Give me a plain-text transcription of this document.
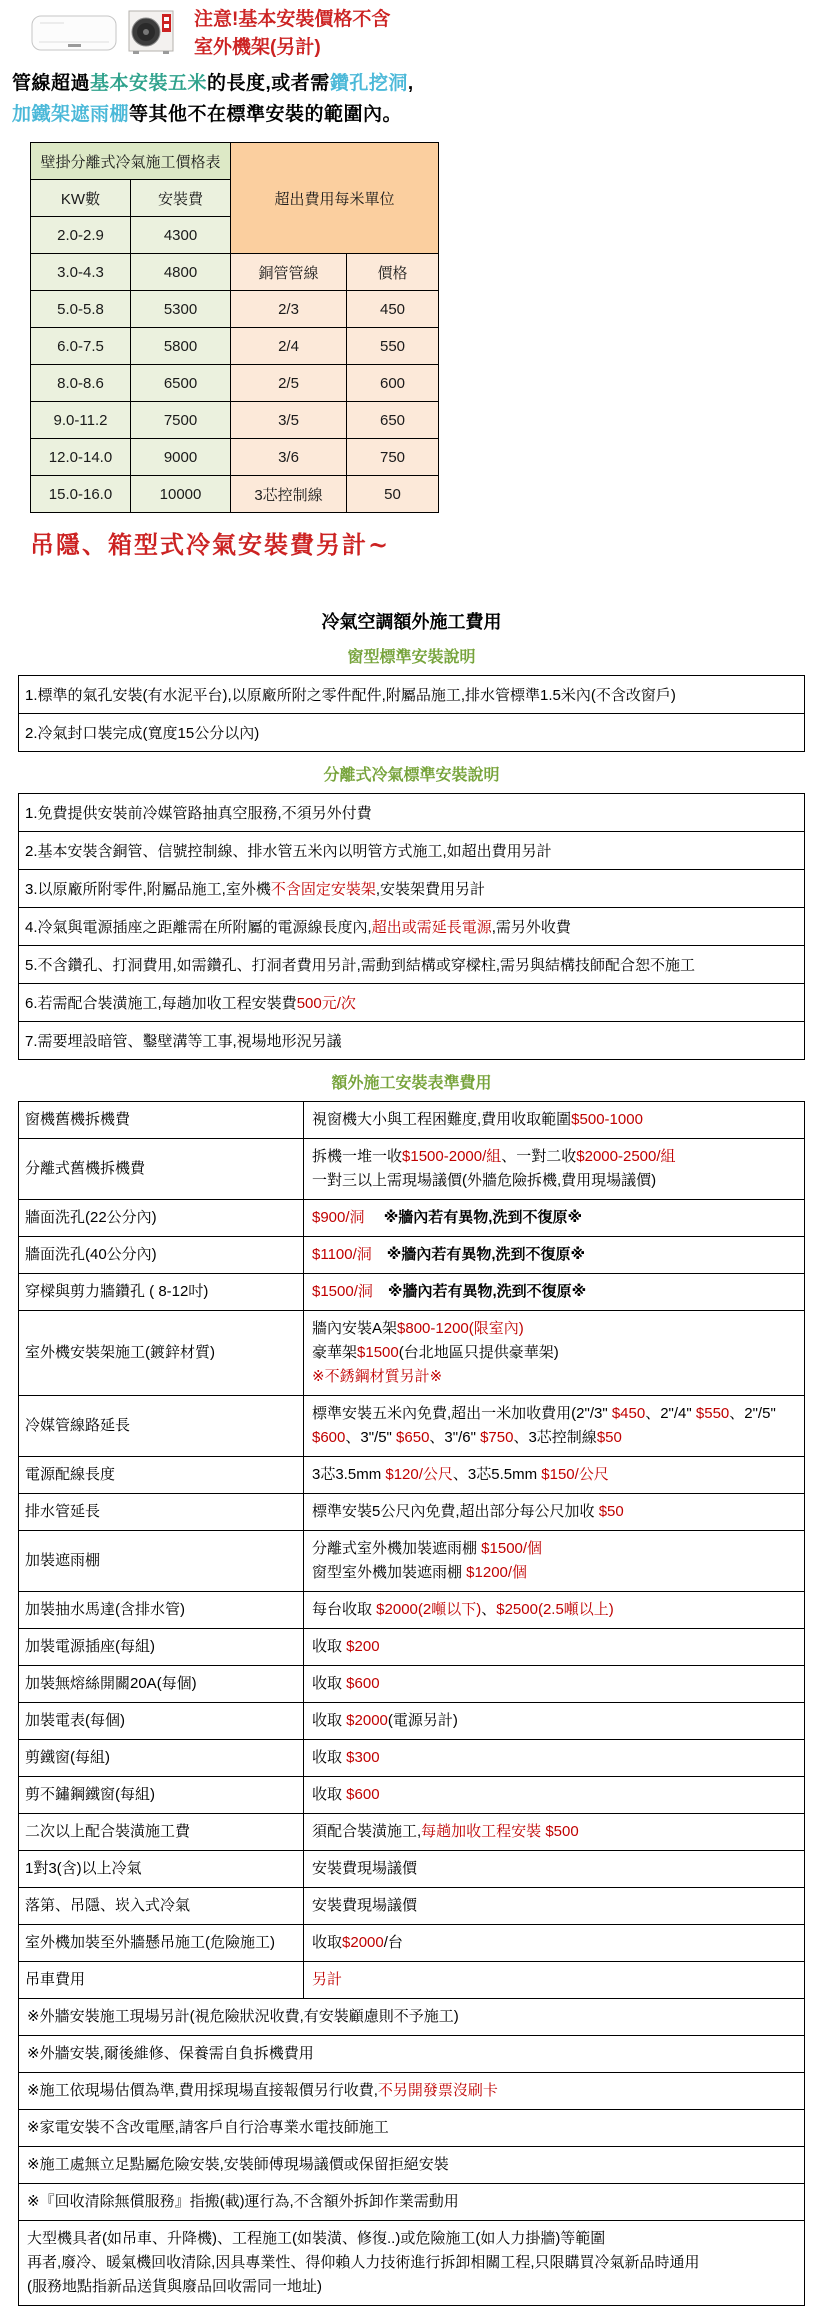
注意!基本安裝價格不含
室外機架(另計)
管線超過基本安裝五米的長度,或者需鑽孔挖洞,
加鐵架遮雨棚等其他不在標準安裝的範圍內。
壁掛分離式冷氣施工價格表		超出費用每米單位	
KW數	安裝費		
2.0-2.9	4300		
3.0-4.3	4800	銅管管線	價格
5.0-5.8	5300	2/3	450
6.0-7.5	5800	2/4	550
8.0-8.6	6500	2/5	600
9.0-11.2	7500	3/5	650
12.0-14.0	9000	3/6	750
15.0-16.0	10000	3芯控制線	50
吊隱、箱型式冷氣安裝費另計~
冷氣空調額外施工費用
窗型標準安裝說明
1.標準的氣孔安裝(有水泥平台),以原廠所附之零件配件,附屬品施工,排水管標準1.5米內(不含改窗戶)
2.冷氣封口裝完成(寬度15公分以內)
分離式冷氣標準安裝說明
1.免費提供安裝前冷媒管路抽真空服務,不須另外付費
2.基本安裝含銅管、信號控制線、排水管五米內以明管方式施工,如超出費用另計
3.以原廠所附零件,附屬品施工,室外機不含固定安裝架,安裝架費用另計
4.冷氣與電源插座之距離需在所附屬的電源線長度內,超出或需延長電源,需另外收費
5.不含鑽孔、打洞費用,如需鑽孔、打洞者費用另計,需動到結構或穿樑柱,需另與結構技師配合恕不施工
6.若需配合裝潢施工,每趟加收工程安裝費500元/次
7.需要埋設暗管、鑿壁溝等工事,視場地形況另議
額外施工安裝表準費用
窗機舊機拆機費	視窗機大小與工程困難度,費用收取範圍$500-1000

分離式舊機拆機費	拆機一堆一收$1500-2000/組、一對二收$2000-2500/組
一對三以上需現場議價(外牆危險拆機,費用現場議價)

牆面洗孔(22公分內)	$900/洞　 ※牆內若有異物,洗到不復原※

牆面洗孔(40公分內)	$1100/洞　 ※牆內若有異物,洗到不復原※

穿樑與剪力牆鑽孔 ( 8-12吋)	$1500/洞　 ※牆內若有異物,洗到不復原※

室外機安裝架施工(鍍鋅材質)	牆內安裝A架$800-1200(限室內)
豪華架$1500(台北地區只提供豪華架)
※不銹鋼材質另計※

冷媒管線路延長	標準安裝五米內免費,超出一米加收費用(2"/3" $450、2"/4" $550、2"/5" $600、3"/5" $650、3"/6" $750、3芯控制線$50

電源配線長度	3芯3.5mm $120/公尺、3芯5.5mm $150/公尺

排水管延長	標準安裝5公尺內免費,超出部分每公尺加收 $50

加裝遮雨棚	分離式室外機加裝遮雨棚 $1500/個
窗型室外機加裝遮雨棚 $1200/個

加裝抽水馬達(含排水管)	每台收取 $2000(2噸以下)、$2500(2.5噸以上)

加裝電源插座(每組)	收取 $200

加裝無熔絲開關20A(每個)	收取 $600

加裝電表(每個)	收取 $2000(電源另計)

剪鐵窗(每組)	收取 $300

剪不鏽鋼鐵窗(每組)	收取 $600

二次以上配合裝潢施工費	須配合裝潢施工,每趟加收工程安裝 $500

1對3(含)以上冷氣	安裝費現場議價

落第、吊隱、崁入式冷氣	安裝費現場議價

室外機加裝至外牆懸吊施工(危險施工)	收取$2000/台

吊車費用	另計

※外牆安裝施工現場另計(視危險狀況收費,有安裝顧慮則不予施工)	
※外牆安裝,爾後維修、保養需自負拆機費用	
※施工依現場估價為準,費用採現場直接報價另行收費,不另開發票沒刷卡	
※家電安裝不含改電壓,請客戶自行洽專業水電技師施工	
※施工處無立足點屬危險安裝,安裝師傅現場議價或保留拒絕安裝	
※『回收清除無償服務』指搬(載)運行為,不含額外拆卸作業需動用	

大型機具者(如吊車、升降機)、工程施工(如裝潢、修復..)或危險施工(如人力掛牆)等範圍
再者,廢冷、暖氣機回收清除,因具專業性、得仰賴人力技術進行拆卸相關工程,只限購買冷氣新品時通用
(服務地點指新品送貨與廢品回收需同一地址)	
